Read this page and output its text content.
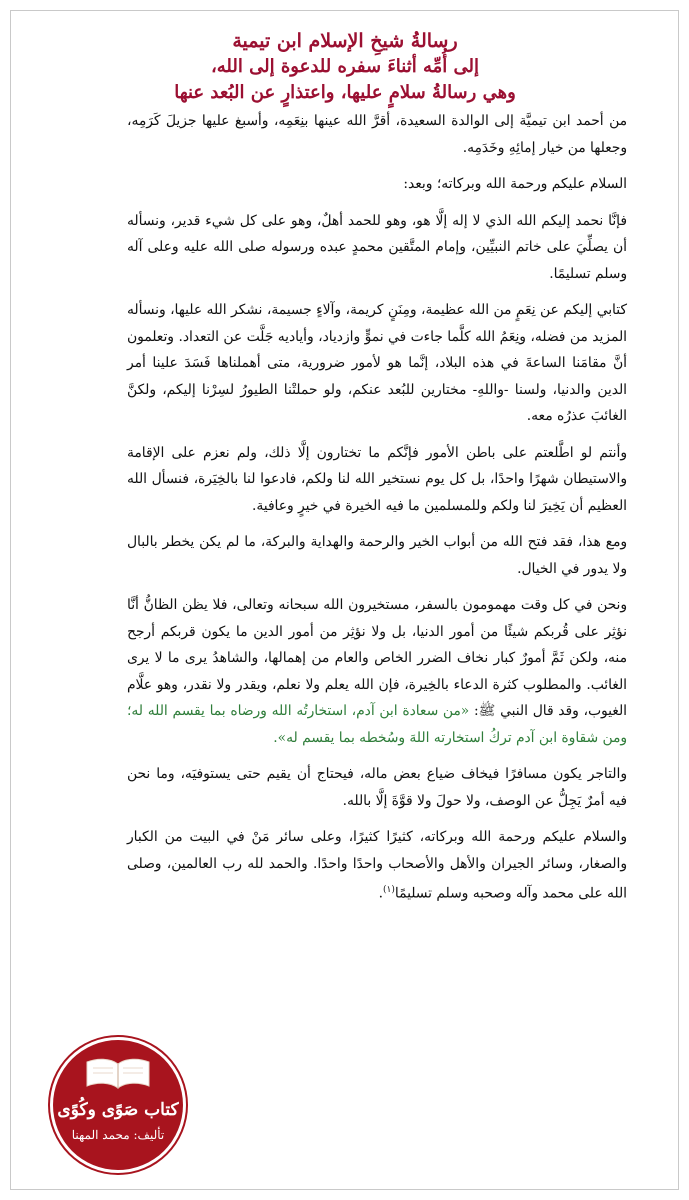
رسالةُ شيخِ الإسلام ابن تيمية
إلى أُمِّه أثناءَ سفره للدعوة إلى الله،
وهي رسالةُ سلامٍ عليها، واعتذارٍ عن البُعد عنها

من أحمد ابن تيميَّة إلى الوالدة السعيدة، أقرَّ الله عينها بنِعَمِه، وأسبغ عليها جزيلَ كَرَمِه، وجعلها من خيار إمائِهِ وخَدَمِه.

السلام عليكم ورحمة الله وبركاته؛ وبعد:

فإنَّا نحمد إليكم الله الذي لا إله إلَّا هو، وهو للحمد أهلٌ، وهو على كل شيء قدير، ونسأله أن يصلِّيَ على خاتم النبيِّين، وإمام المتَّقين محمدٍ عبده ورسوله صلى الله عليه وعلى آله وسلم تسليمًا.

كتابي إليكم عن نِعَمٍ من الله عظيمة، ومِنَنٍ كريمة، وآلاءٍ جسيمة، نشكر الله عليها، ونسأله المزيد من فضله، ونِعَمُ الله كلَّما جاءت في نموٍّ وازدياد، وأياديه جَلَّت عن التعداد. وتعلمون أنَّ مقامَنا الساعةَ في هذه البلاد، إنَّما هو لأمور ضرورية، متى أهملناها فَسَدَ علينا أمر الدين والدنيا، ولسنا -واللهِ- مختارين للبُعد عنكم، ولو حملتْنا الطيورُ لسِرْنا إليكم، ولكنَّ الغائبَ عذرُه معه.

وأنتم لو اطَّلعتم على باطن الأمور فإنَّكم ما تختارون إلَّا ذلك، ولم نعزم على الإقامة والاستيطان شهرًا واحدًا، بل كل يوم نستخير الله لنا ولكم، فادعوا لنا بالخِيَرة، فنسأل الله العظيم أن يَخِيرَ لنا ولكم وللمسلمين ما فيه الخيرة في خيرٍ وعافية.

ومع هذا، فقد فتح الله من أبواب الخير والرحمة والهداية والبركة، ما لم يكن يخطر بالبال ولا يدور في الخيال.

ونحن في كل وقت مهمومون بالسفر، مستخيرون الله سبحانه وتعالى، فلا يظن الظانُّ أنَّا نؤثِر على قُربكم شيئًا من أمور الدنيا، بل ولا نؤثِر من أمور الدين ما يكون قربكم أرجح منه، ولكن ثَمَّ أمورٌ كبار نخاف الضرر الخاص والعام من إهمالها، والشاهدُ يرى ما لا يرى الغائب. والمطلوب كثرة الدعاء بالخِيرة، فإن الله يعلم ولا نعلم، ويقدر ولا نقدر، وهو علَّام الغيوب، وقد قال النبي ﷺ: «من سعادة ابن آدم، استخارتُه الله ورضاه بما يقسم الله له؛ ومن شقاوة ابن آدم تركُ استخارته اللهَ وسُخطه بما يقسم له».

والتاجر يكون مسافرًا فيخاف ضياع بعض ماله، فيحتاج أن يقيم حتى يستوفيَه، وما نحن فيه أمرٌ يَجِلُّ عن الوصف، ولا حولَ ولا قوَّةَ إلَّا بالله.

والسلام عليكم ورحمة الله وبركاته، كثيرًا كثيرًا، وعلى سائر مَنْ في البيت من الكبار والصغار، وسائر الجيران والأهل والأصحاب واحدًا واحدًا. والحمد لله رب العالمين، وصلى الله على محمد وآله وصحبه وسلم تسليمًا$^{(١)}$.

كتاب صَوًى وكُوًى
تأليف: محمد المهنا
